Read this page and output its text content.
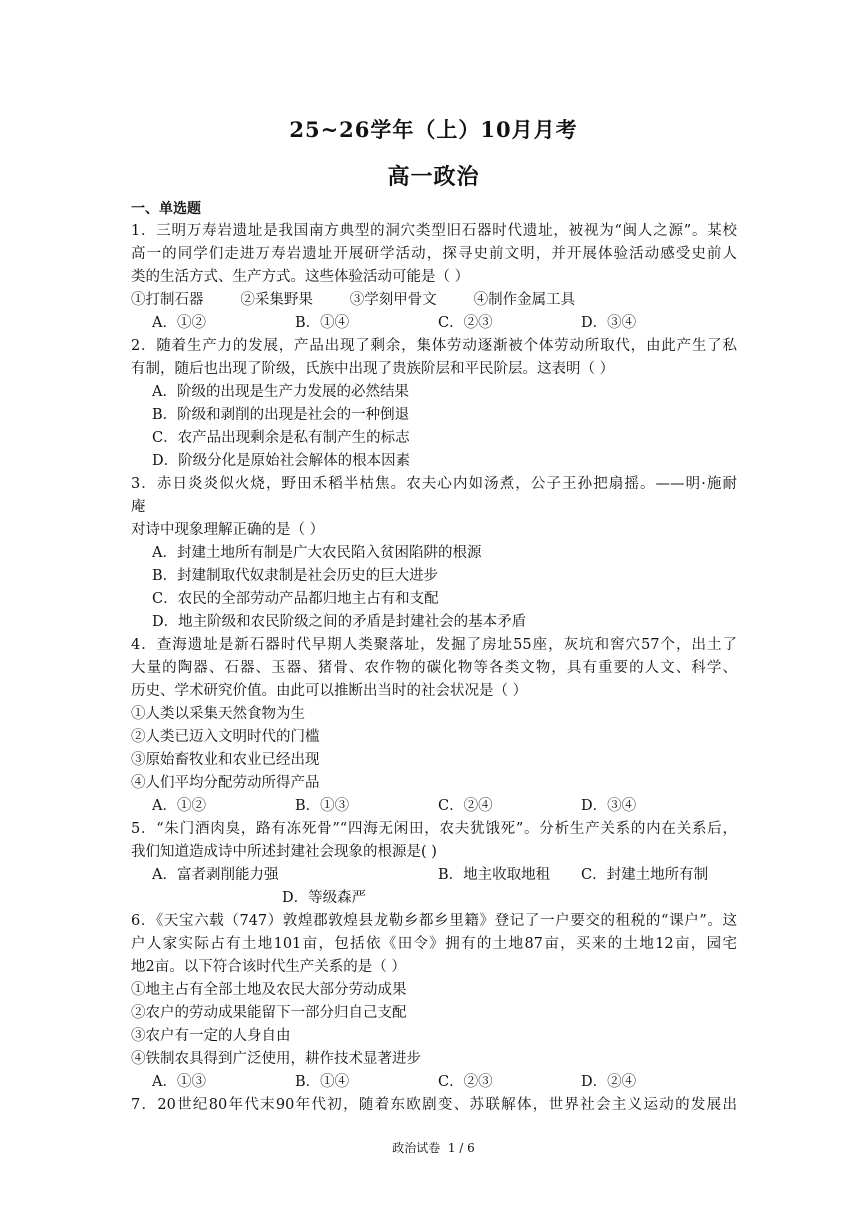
25~26学年（上）10月月考
高一政治
一、单选题
1．三明万寿岩遗址是我国南方典型的洞穴类型旧石器时代遗址，被视为“闽人之源”。某校
高一的同学们走进万寿岩遗址开展研学活动，探寻史前文明，并开展体验活动感受史前人
类的生活方式、生产方式。这些体验活动可能是（ ）
①打制石器        ②采集野果        ③学刻甲骨文        ④制作金属工具
A．①②	B．①④	C．②③	D．③④
2．随着生产力的发展，产品出现了剩余，集体劳动逐渐被个体劳动所取代，由此产生了私
有制，随后也出现了阶级，氏族中出现了贵族阶层和平民阶层。这表明（ ）
A．阶级的出现是生产力发展的必然结果
B．阶级和剥削的出现是社会的一种倒退
C．农产品出现剩余是私有制产生的标志
D．阶级分化是原始社会解体的根本因素
3．赤日炎炎似火烧，野田禾稻半枯焦。农夫心内如汤煮，公子王孙把扇摇。——明·施耐
庵
对诗中现象理解正确的是（ ）
A．封建土地所有制是广大农民陷入贫困陷阱的根源
B．封建制取代奴隶制是社会历史的巨大进步
C．农民的全部劳动产品都归地主占有和支配
D．地主阶级和农民阶级之间的矛盾是封建社会的基本矛盾
4．查海遗址是新石器时代早期人类聚落址，发掘了房址55座，灰坑和窖穴57个，出土了
大量的陶器、石器、玉器、猪骨、农作物的碳化物等各类文物，具有重要的人文、科学、
历史、学术研究价值。由此可以推断出当时的社会状况是（ ）
①人类以采集天然食物为生
②人类已迈入文明时代的门槛
③原始畜牧业和农业已经出现
④人们平均分配劳动所得产品
A．①②	B．①③	C．②④	D．③④
5．“朱门酒肉臭，路有冻死骨”“四海无闲田，农夫犹饿死”。分析生产关系的内在关系后，
我们知道造成诗中所述封建社会现象的根源是( )
A．富者剥削能力强	B．地主收取地租	C．封建土地所有制
D．等级森严
6．《天宝六载（747）敦煌郡敦煌县龙勒乡都乡里籍》登记了一户要交的租税的“课户”。这
户人家实际占有土地101亩，包括依《田令》拥有的土地87亩，买来的土地12亩，园宅
地2亩。以下符合该时代生产关系的是（ ）
①地主占有全部土地及农民大部分劳动成果
②农户的劳动成果能留下一部分归自己支配
③农户有一定的人身自由
④铁制农具得到广泛使用，耕作技术显著进步
A．①③	B．①④	C．②③	D．②④
7．20世纪80年代末90年代初，随着东欧剧变、苏联解体，世界社会主义运动的发展出
政治试卷  1 / 6
